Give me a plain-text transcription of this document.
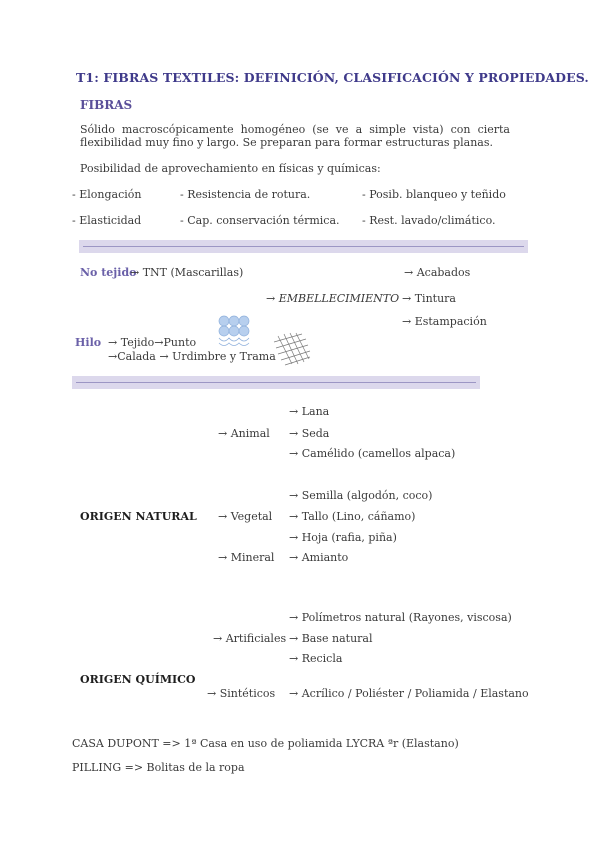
T1: FIBRAS TEXTILES: DEFINICIÓN, CLASIFICACIÓN Y PROPIEDADES.
FIBRAS
Sólido macroscópicamente homogéneo (se ve a simple vista) con cierta flexibilidad muy fino y largo. Se preparan para formar estructuras planas.
Posibilidad de aprovechamiento en físicas y químicas:
- Elongación	- Resistencia de rotura.	- Posib. blanqueo y teñido
- Elasticidad	- Cap. conservación térmica. - Rest. lavado/climático.
No tejido
→ TNT (Mascarillas)	→ Acabados
→ EMBELLECIMIENTO → Tintura
→ Estampación
Hilo → Tejido→Punto
→Calada → Urdimbre y Trama
→ Lana
→ Animal → Seda
→ Camélido (camellos alpaca)
→ Semilla (algodón, coco)
ORIGEN NATURAL → Vegetal → Tallo (Lino, cáñamo)
→ Hoja (rafia, piña)
→ Mineral → Amianto
→ Polímetros natural (Rayones, viscosa)
→ Artificiales → Base natural
→ Recicla
ORIGEN QUÍMICO
→ Sintéticos → Acrílico / Poliéster / Poliamida / Elastano
CASA DUPONT => 1ª Casa en uso de poliamida LYCRA ªr (Elastano)
PILLING => Bolitas de la ropa
